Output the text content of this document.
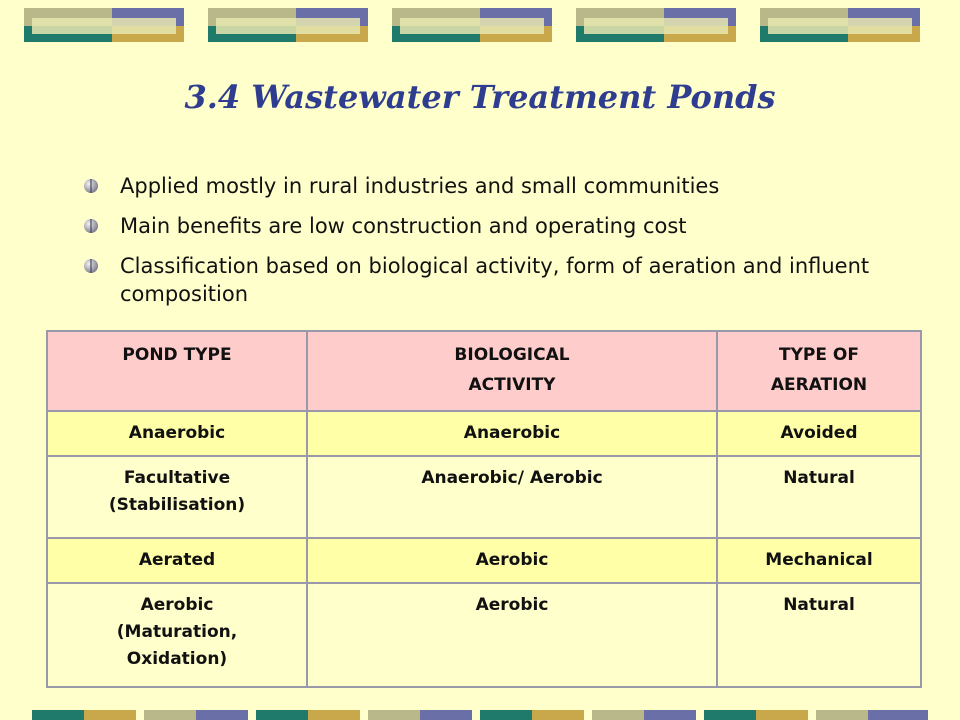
3.4 Wastewater Treatment Ponds
Applied mostly in rural industries and small communities
Main benefits are low construction and operating cost
Classification based on biological activity, form of aeration and influent composition
POND TYPE	BIOLOGICAL ACTIVITY	TYPE OF AERATION
Anaerobic	Anaerobic	Avoided
Facultative (Stabilisation)	Anaerobic/ Aerobic	Natural
Aerated	Aerobic	Mechanical
Aerobic (Maturation, Oxidation)	Aerobic	Natural
